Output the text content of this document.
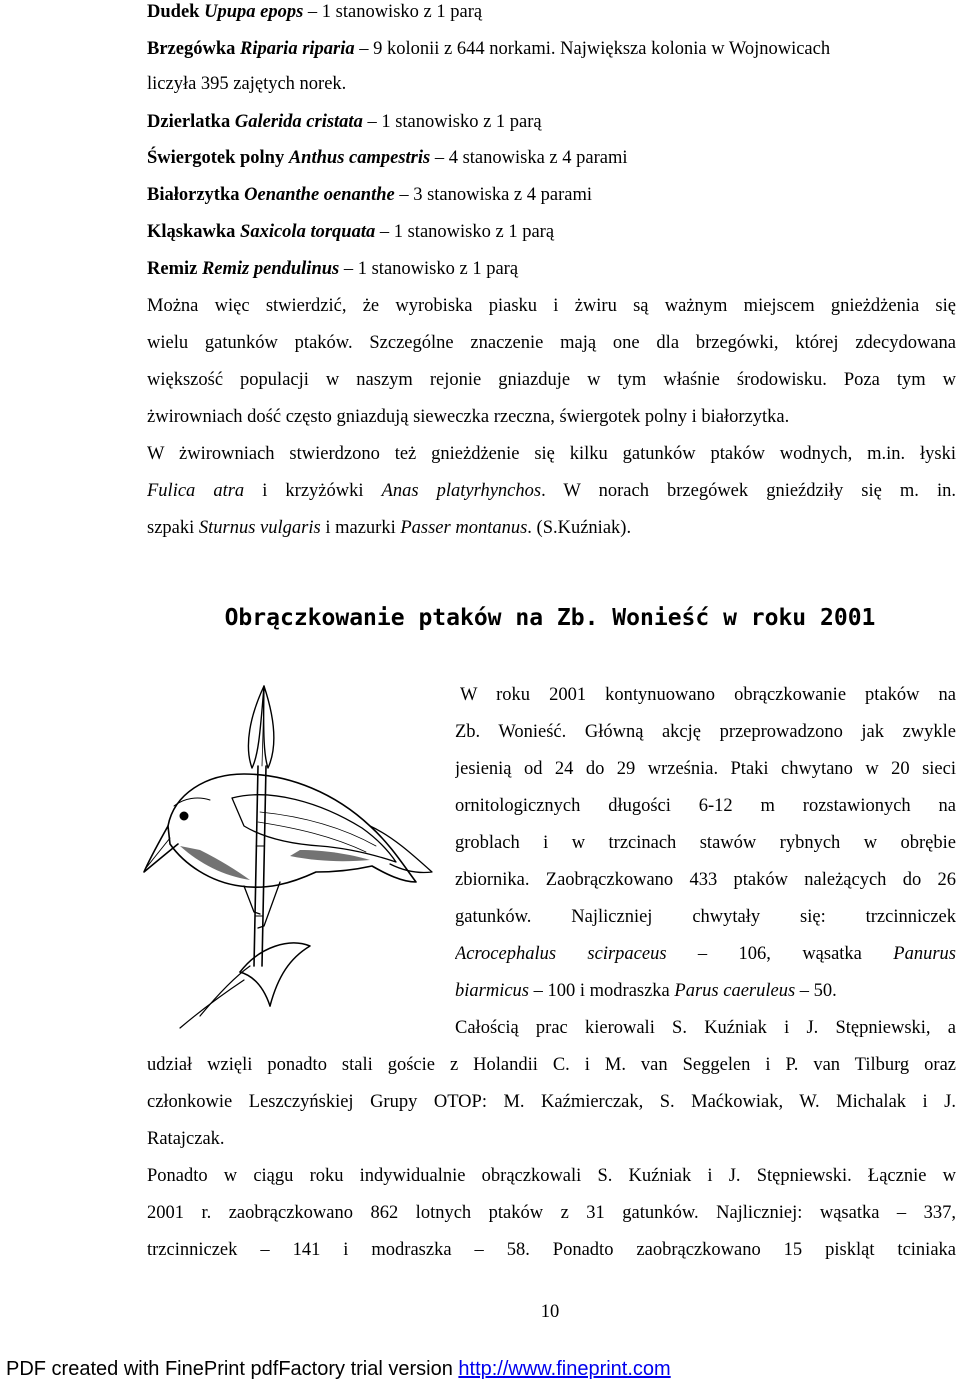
Dudek Upupa epops – 1 stanowisko z 1 parą
Brzegówka Riparia riparia – 9 kolonii z 644 norkami. Największa kolonia w Wojnowicach
liczyła 395 zajętych norek.
Dzierlatka Galerida cristata – 1 stanowisko z 1 parą
Świergotek polny Anthus campestris – 4 stanowiska z 4 parami
Białorzytka Oenanthe oenanthe – 3 stanowiska z 4 parami
Kląskawka Saxicola torquata – 1 stanowisko z 1 parą
Remiz Remiz pendulinus – 1 stanowisko z 1 parą
Można więc stwierdzić, że wyrobiska piasku i żwiru są ważnym miejscem gnieżdżenia się
wielu gatunków ptaków. Szczególne znaczenie mają one dla brzegówki, której zdecydowana
większość populacji w naszym rejonie gniazduje w tym właśnie środowisku. Poza tym w
żwirowniach dość często gniazdują sieweczka rzeczna, świergotek polny i białorzytka.
W żwirowniach stwierdzono też gnieżdżenie się kilku gatunków ptaków wodnych, m.in. łyski
Fulica atra i krzyżówki Anas platyrhynchos. W norach brzegówek gnieździły się m. in.
szpaki Sturnus vulgaris i mazurki Passer montanus. (S.Kuźniak).
Obrączkowanie ptaków na Zb. Wonieść w roku 2001
W roku 2001 kontynuowano obrączkowanie ptaków na
Zb. Wonieść. Główną akcję przeprowadzono jak zwykle
jesienią od 24 do 29 września. Ptaki chwytano w 20 sieci
ornitologicznych długości 6-12 m rozstawionych na
groblach i w trzcinach stawów rybnych w obrębie
zbiornika. Zaobrączkowano 433 ptaków należących do 26
gatunków. Najliczniej chwytały się: trzcinniczek
Acrocephalus scirpaceus – 106, wąsatka Panurus
biarmicus – 100 i modraszka Parus caeruleus – 50.
Całością prac kierowali S. Kuźniak i J. Stępniewski, a
udział wzięli ponadto stali goście z Holandii C. i M. van Seggelen i P. van Tilburg oraz
członkowie Leszczyńskiej Grupy OTOP: M. Kaźmierczak, S. Maćkowiak, W. Michalak i J.
Ratajczak.
Ponadto w ciągu roku indywidualnie obrączkowali S. Kuźniak i J. Stępniewski. Łącznie w
2001 r. zaobrączkowano 862 lotnych ptaków z 31 gatunków. Najliczniej: wąsatka – 337,
trzcinniczek – 141 i modraszka – 58. Ponadto zaobrączkowano 15 piskląt tciniaka
10
PDF created with FinePrint pdfFactory trial version http://www.fineprint.com
